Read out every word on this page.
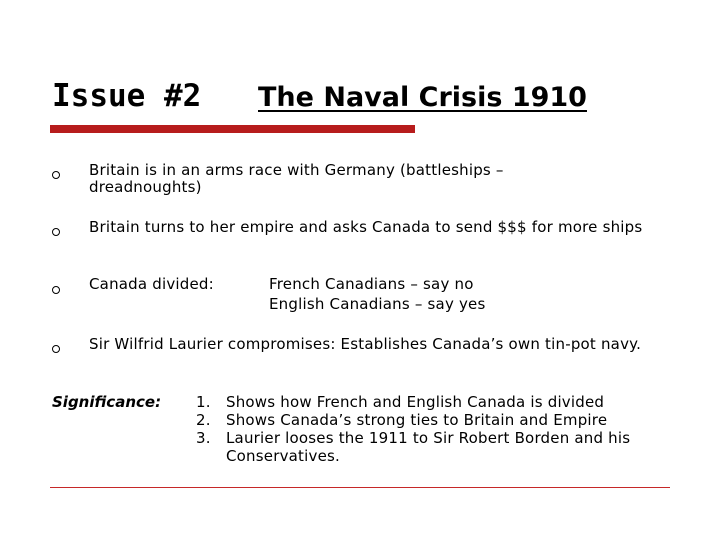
Issue #2 The Naval Crisis 1910
Britain is in an arms race with Germany (battleships – dreadnoughts)
Britain turns to her empire and asks Canada to send $$$ for more ships
Canada divided:	French Canadians – say no
English Canadians – say yes
Sir Wilfrid Laurier compromises: Establishes Canada’s own tin-pot navy.
Significance: 1.	Shows how French and English Canada is divided
2.	Shows Canada’s strong ties to Britain and Empire
3.	Laurier looses the 1911 to Sir Robert Borden and his Conservatives.
